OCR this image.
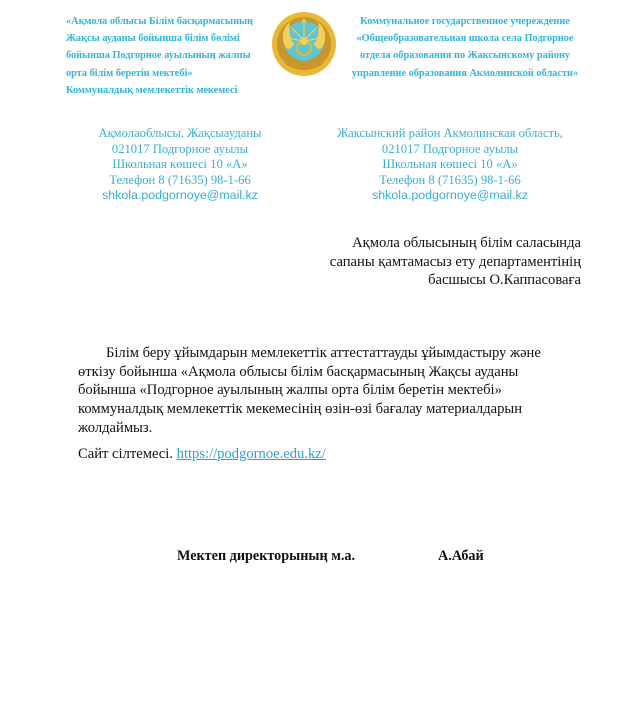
«Ақмола облысы Білім басқармасының
Жақсы ауданы бойынша білім бөлімі
бойынша Подгорное ауылының жалпы
орта білім беретін мектебі»
Коммуналдық мемлекеттік мекемесі
Коммунальное государственное учереждение
«Общеобразовательная школа села Подгорное
отдела образования по Жаксынскому району
управление образования Акмолинской области»
Ақмолаоблысы, Жақсыауданы
021017 Подгорное ауылы
Школьная көшесі 10 «А»
Телефон 8 (71635) 98-1-66
shkola.podgornoye@mail.kz
Жаксынский район Акмолинская область,
021017 Подгорное ауылы
Школьная көшесі 10 «А»
Телефон 8 (71635) 98-1-66
shkola.podgornoye@mail.kz
Ақмола облысының білім саласында
сапаны қамтамасыз ету департаментінің
басшысы О.Каппасоваға

Білім беру ұйымдарын мемлекеттік аттестаттауды ұйымдастыру және өткізу бойынша «Ақмола облысы білім басқармасының Жақсы ауданы бойынша «Подгорное ауылының жалпы орта білім беретін мектебі» коммуналдық мемлекеттік мекемесінің өзін-өзі бағалау материалдарын жолдаймыз.

Сайт сілтемесі. https://podgornoe.edu.kz/

Мектеп директорының м.а.	А.Абай
